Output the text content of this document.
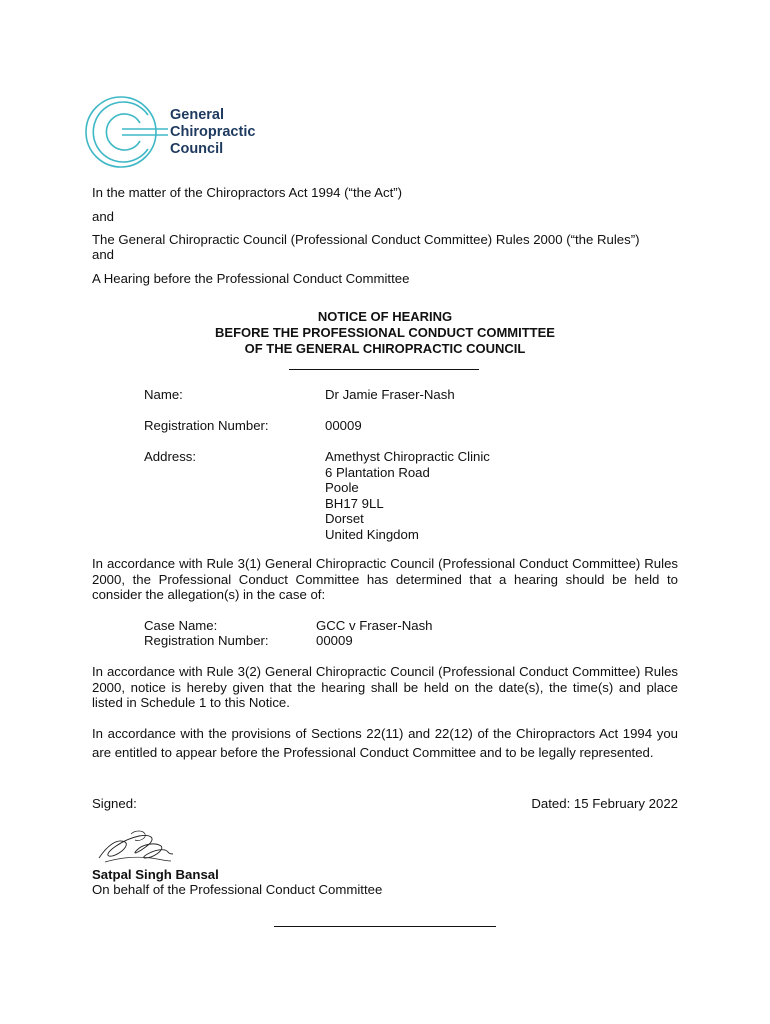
General
Chiropractic
Council

In the matter of the Chiropractors Act 1994 (“the Act”)

and

The General Chiropractic Council (Professional Conduct Committee) Rules 2000 (“the Rules”)

and

A Hearing before the Professional Conduct Committee

NOTICE OF HEARING
BEFORE THE PROFESSIONAL CONDUCT COMMITTEE
OF THE GENERAL CHIROPRACTIC COUNCIL

Name:	Dr Jamie Fraser-Nash

Registration Number:	00009

Address:	Amethyst Chiropractic Clinic

6 Plantation Road

Poole

BH17 9LL

Dorset

United Kingdom

In accordance with Rule 3(1) General Chiropractic Council (Professional Conduct Committee) Rules 2000, the Professional Conduct Committee has determined that a hearing should be held to consider the allegation(s) in the case of:

Case Name:	GCC v Fraser-Nash

Registration Number:	00009

In accordance with Rule 3(2) General Chiropractic Council (Professional Conduct Committee) Rules 2000, notice is hereby given that the hearing shall be held on the date(s), the time(s) and place listed in Schedule 1 to this Notice.

In accordance with the provisions of Sections 22(11) and 22(12) of the Chiropractors Act 1994 you are entitled to appear before the Professional Conduct Committee and to be legally represented.

Signed:	Dated: 15 February 2022

Satpal Singh Bansal

On behalf of the Professional Conduct Committee
